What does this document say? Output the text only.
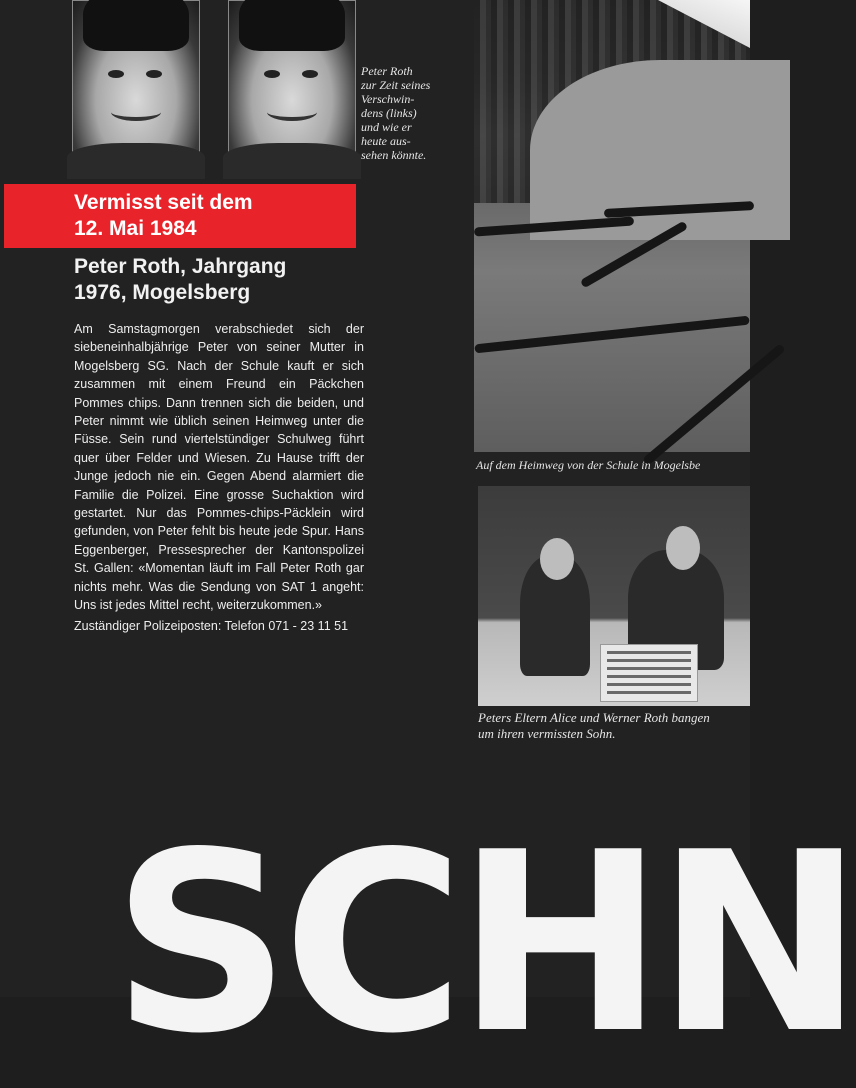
Peter Roth
zur Zeit seines
Verschwin-
dens (links)
und wie er
heute aus-
sehen könnte.
Vermisst seit dem
12. Mai 1984
Peter Roth, Jahrgang
1976, Mogelsberg
Am Samstagmorgen verabschiedet sich der siebeneinhalbjährige Peter von seiner Mutter in Mogelsberg SG. Nach der Schule kauft er sich zusammen mit einem Freund ein Päckchen Pommes chips. Dann trennen sich die beiden, und Peter nimmt wie üblich seinen Heimweg unter die Füsse. Sein rund viertelstündiger Schulweg führt quer über Felder und Wiesen. Zu Hause trifft der Junge jedoch nie ein. Gegen Abend alarmiert die Familie die Polizei. Eine grosse Suchaktion wird gestartet. Nur das Pommes-chips-Päcklein wird gefunden, von Peter fehlt bis heute jede Spur. Hans Eggenberger, Pressesprecher der Kantonspolizei St. Gallen: «Momentan läuft im Fall Peter Roth gar nichts mehr. Was die Sendung von SAT 1 angeht: Uns ist jedes Mittel recht, weiterzukommen.»
Zuständiger Polizeiposten: Telefon 071 - 23 11 51
Auf dem Heimweg von der Schule in Mogelsbe
Peters Eltern Alice und Werner Roth bangen
um ihren vermissten Sohn.
SCHN
